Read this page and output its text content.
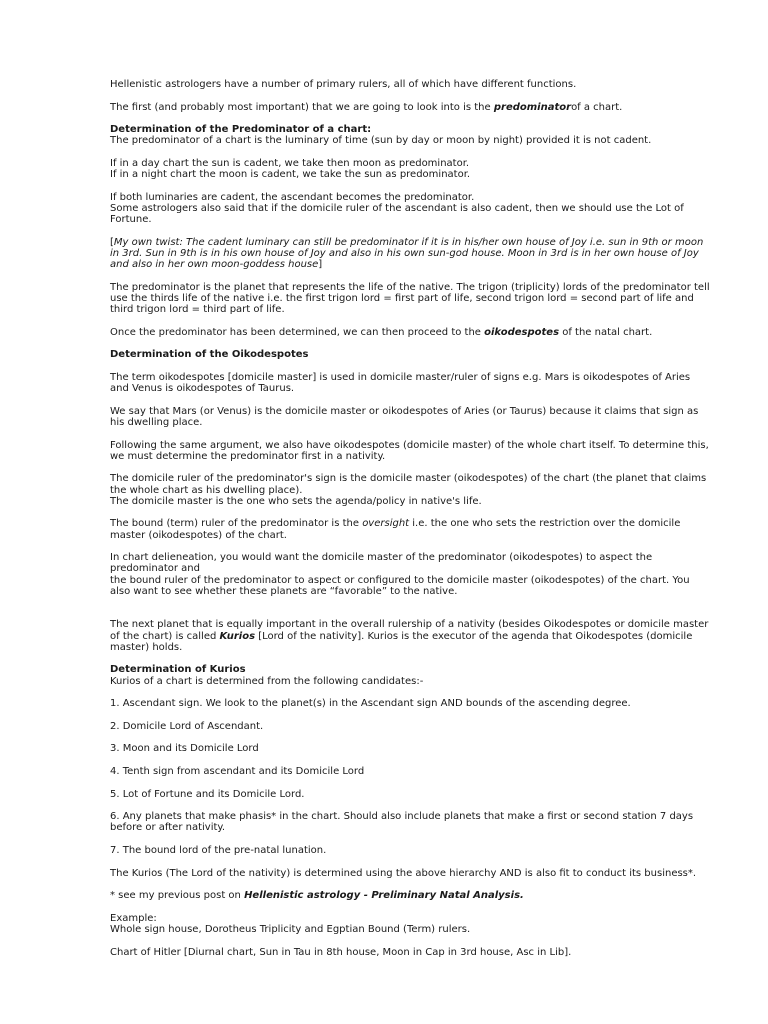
Hellenistic astrologers have a number of primary rulers, all of which have different functions.

The first (and probably most important) that we are going to look into is the predominatorof a chart.

Determination of the Predominator of a chart:
The predominator of a chart is the luminary of time (sun by day or moon by night) provided it is not cadent.

If in a day chart the sun is cadent, we take then moon as predominator.
If in a night chart the moon is cadent, we take the sun as predominator.

If both luminaries are cadent, the ascendant becomes the predominator.
Some astrologers also said that if the domicile ruler of the ascendant is also cadent, then we should use the Lot of Fortune.

[My own twist: The cadent luminary can still be predominator if it is in his/her own house of Joy i.e. sun in 9th or moon in 3rd. Sun in 9th is in his own house of Joy and also in his own sun-god house. Moon in 3rd is in her own house of Joy and also in her own moon-goddess house]

The predominator is the planet that represents the life of the native. The trigon (triplicity) lords of the predominator tell use the thirds life of the native i.e. the first trigon lord = first part of life, second trigon lord = second part of life and third trigon lord = third part of life.

Once the predominator has been determined, we can then proceed to the oikodespotes of the natal chart.

Determination of the Oikodespotes

The term oikodespotes [domicile master] is used in domicile master/ruler of signs e.g. Mars is oikodespotes of Aries and Venus is oikodespotes of Taurus.

We say that Mars (or Venus) is the domicile master or oikodespotes of Aries (or Taurus) because it claims that sign as his dwelling place.

Following the same argument, we also have oikodespotes (domicile master) of the whole chart itself. To determine this, we must determine the predominator first in a nativity.

The domicile ruler of the predominator's sign is the domicile master (oikodespotes) of the chart (the planet that claims the whole chart as his dwelling place).
The domicile master is the one who sets the agenda/policy in native's life.

The bound (term) ruler of the predominator is the oversight i.e. the one who sets the restriction over the domicile master (oikodespotes) of the chart.

In chart delieneation, you would want the domicile master of the predominator (oikodespotes) to aspect the predominator and
the bound ruler of the predominator to aspect or configured to the domicile master (oikodespotes) of the chart. You also want to see whether these planets are “favorable” to the native.

The next planet that is equally important in the overall rulership of a nativity (besides Oikodespotes or domicile master of the chart) is called Kurios [Lord of the nativity]. Kurios is the executor of the agenda that Oikodespotes (domicile master) holds.

Determination of Kurios
Kurios of a chart is determined from the following candidates:-

1. Ascendant sign. We look to the planet(s) in the Ascendant sign AND bounds of the ascending degree.

2. Domicile Lord of Ascendant.

3. Moon and its Domicile Lord

4. Tenth sign from ascendant and its Domicile Lord

5. Lot of Fortune and its Domicile Lord.

6. Any planets that make phasis* in the chart. Should also include planets that make a first or second station 7 days before or after nativity.

7. The bound lord of the pre-natal lunation.

The Kurios (The Lord of the nativity) is determined using the above hierarchy AND is also fit to conduct its business*.

* see my previous post on Hellenistic astrology - Preliminary Natal Analysis.

Example:
Whole sign house, Dorotheus Triplicity and Egptian Bound (Term) rulers.

Chart of Hitler [Diurnal chart, Sun in Tau in 8th house, Moon in Cap in 3rd house, Asc in Lib].
